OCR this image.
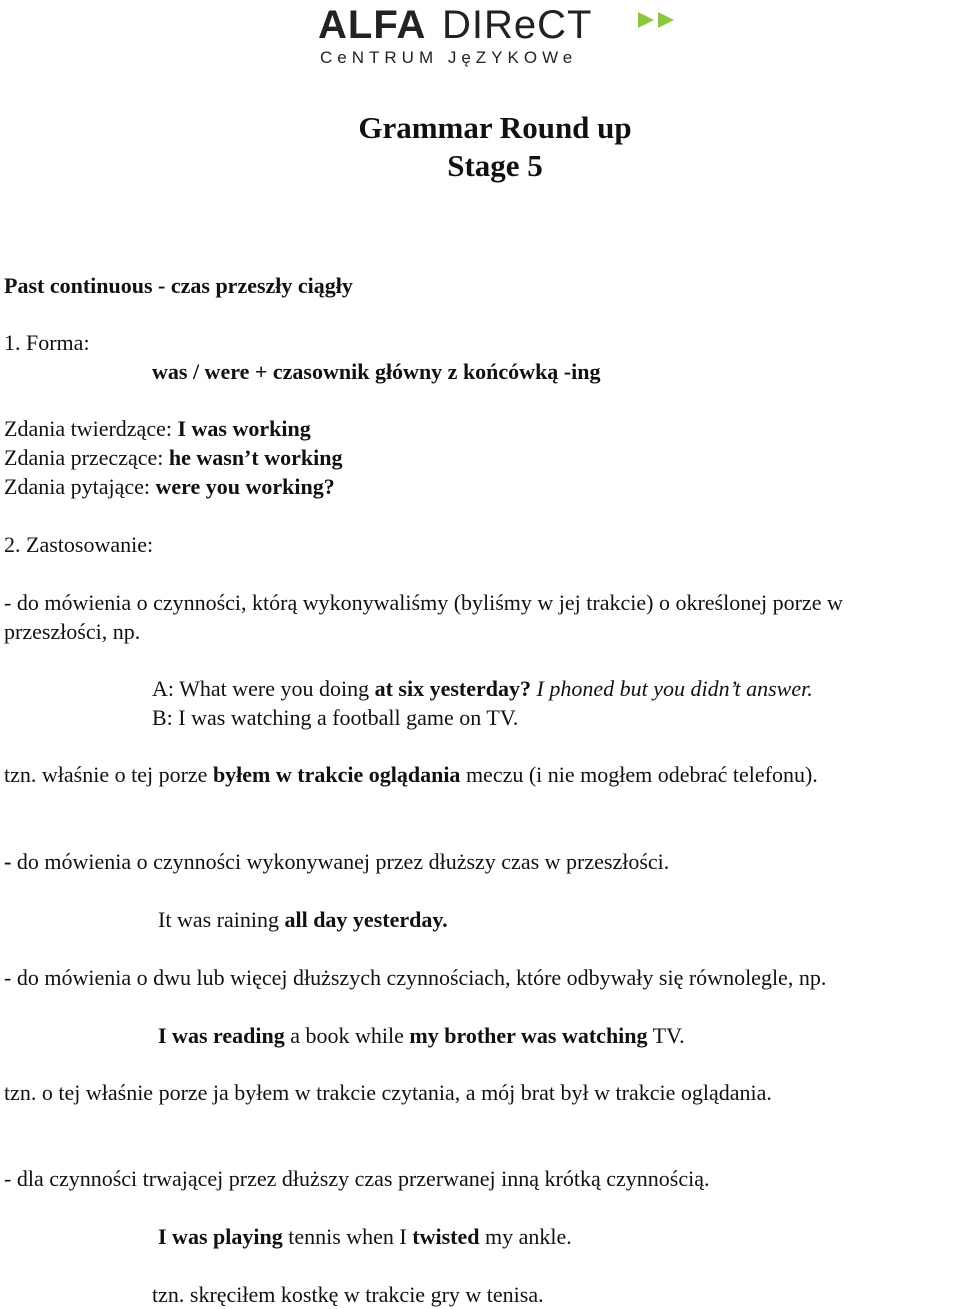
ALFA DIReCT
CeNTRUM JęZYKOWe
Grammar Round up
Stage 5
Past continuous - czas przeszły ciągły
1. Forma:
was / were + czasownik główny z końcówką -ing
Zdania twierdzące: I was working
Zdania przeczące: he wasn’t working
Zdania pytające: were you working?
2. Zastosowanie:
- do mówienia o czynności, którą wykonywaliśmy (byliśmy w jej trakcie) o określonej porze w
przeszłości, np.
A: What were you doing at six yesterday? I phoned but you didn’t answer.
B: I was watching a football game on TV.
tzn. właśnie o tej porze byłem w trakcie oglądania meczu (i nie mogłem odebrać telefonu).
- do mówienia o czynności wykonywanej przez dłuższy czas w przeszłości.
It was raining all day yesterday.
- do mówienia o dwu lub więcej dłuższych czynnościach, które odbywały się równolegle, np.
I was reading a book while my brother was watching TV.
tzn. o tej właśnie porze ja byłem w trakcie czytania, a mój brat był w trakcie oglądania.
- dla czynności trwającej przez dłuższy czas przerwanej inną krótką czynnością.
I was playing tennis when I twisted my ankle.
tzn. skręciłem kostkę w trakcie gry w tenisa.
